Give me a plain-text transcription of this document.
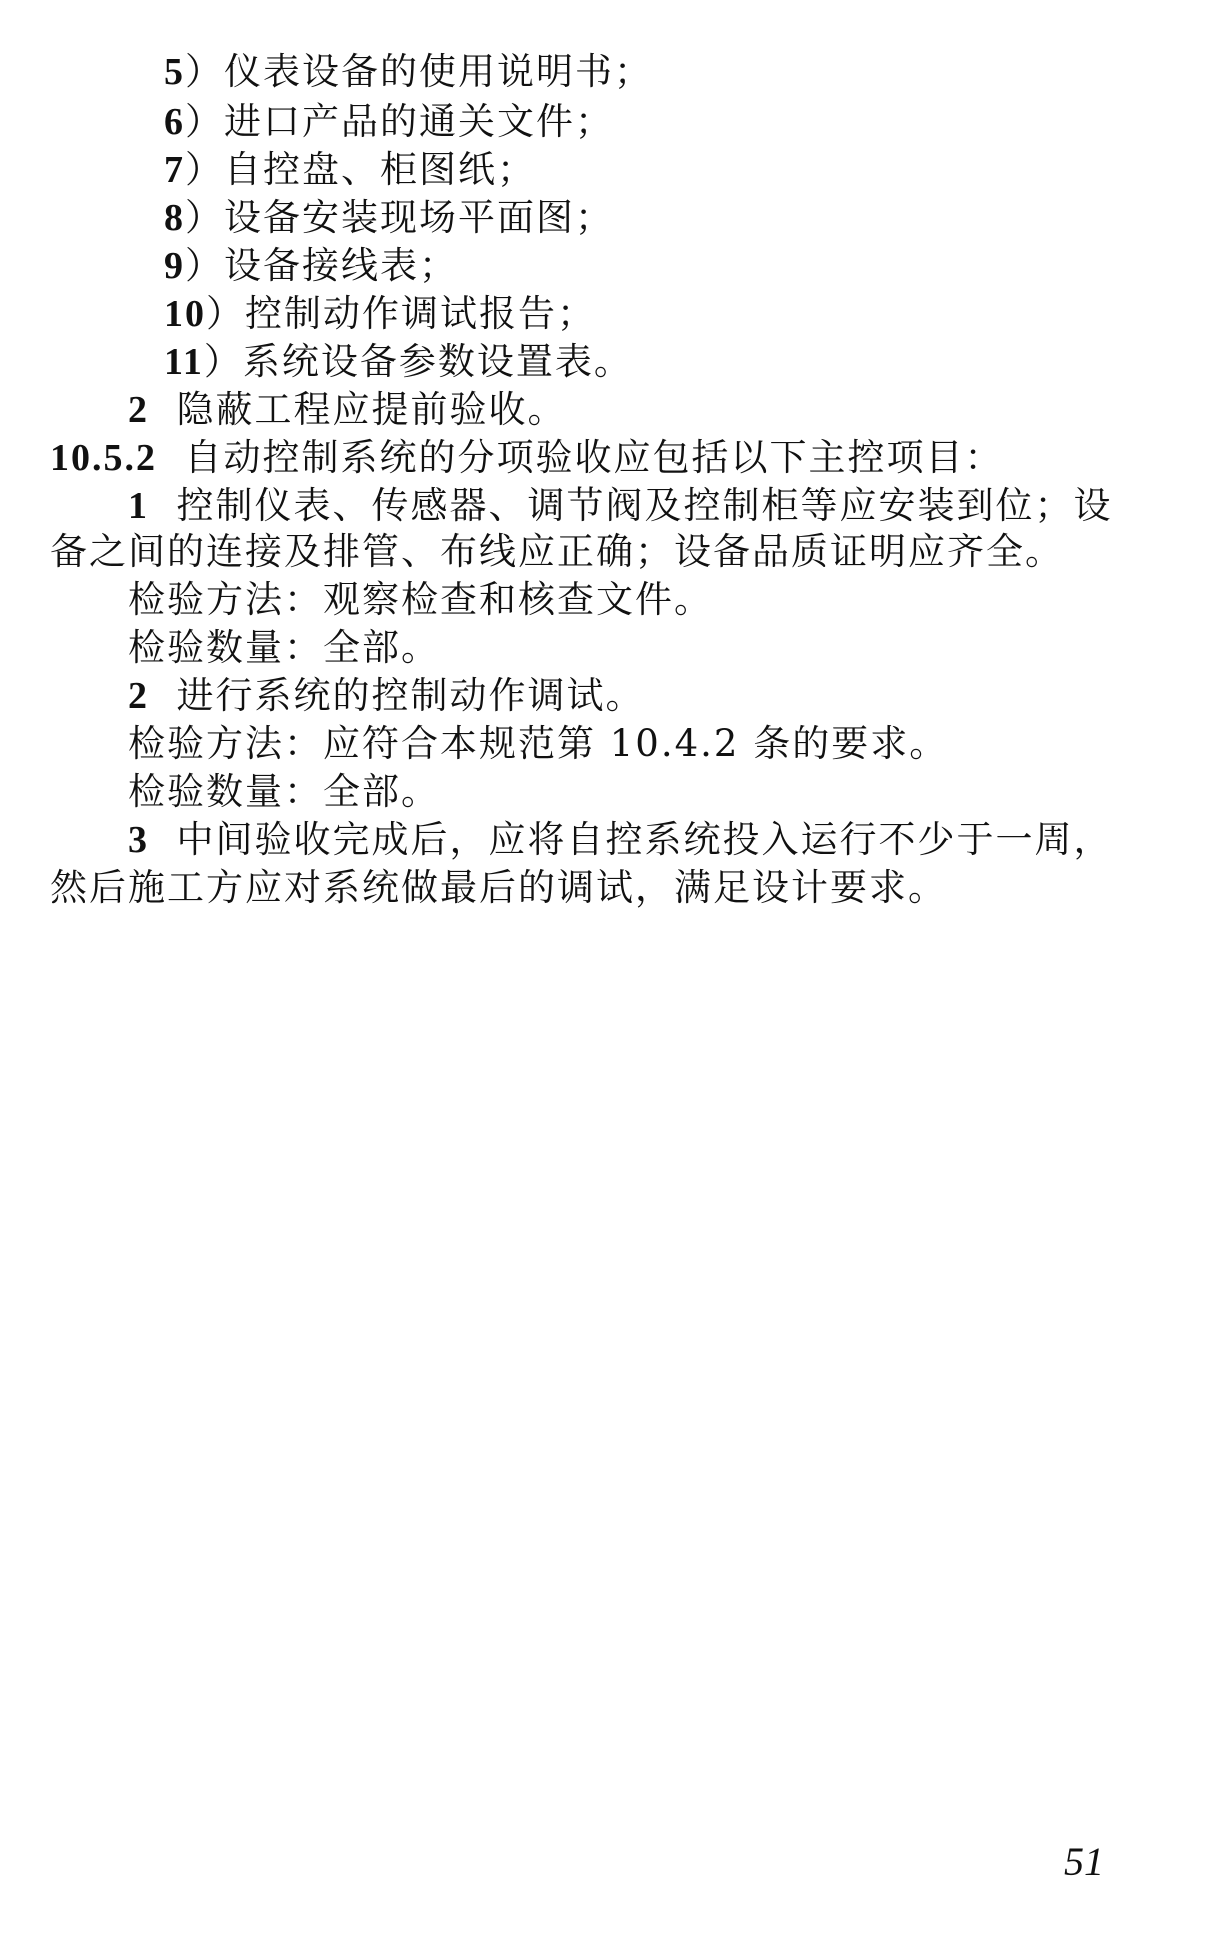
5）仪表设备的使用说明书；
6）进口产品的通关文件；
7）自控盘、柜图纸；
8）设备安装现场平面图；
9）设备接线表；
10）控制动作调试报告；
11）系统设备参数设置表。
2 隐蔽工程应提前验收。
10.5.2 自动控制系统的分项验收应包括以下主控项目：
1 控制仪表、传感器、调节阀及控制柜等应安装到位；设
备之间的连接及排管、布线应正确；设备品质证明应齐全。
检验方法：观察检查和核查文件。
检验数量：全部。
2 进行系统的控制动作调试。
检验方法：应符合本规范第 10.4.2 条的要求。
检验数量：全部。
3 中间验收完成后，应将自控系统投入运行不少于一周，
然后施工方应对系统做最后的调试，满足设计要求。
51
